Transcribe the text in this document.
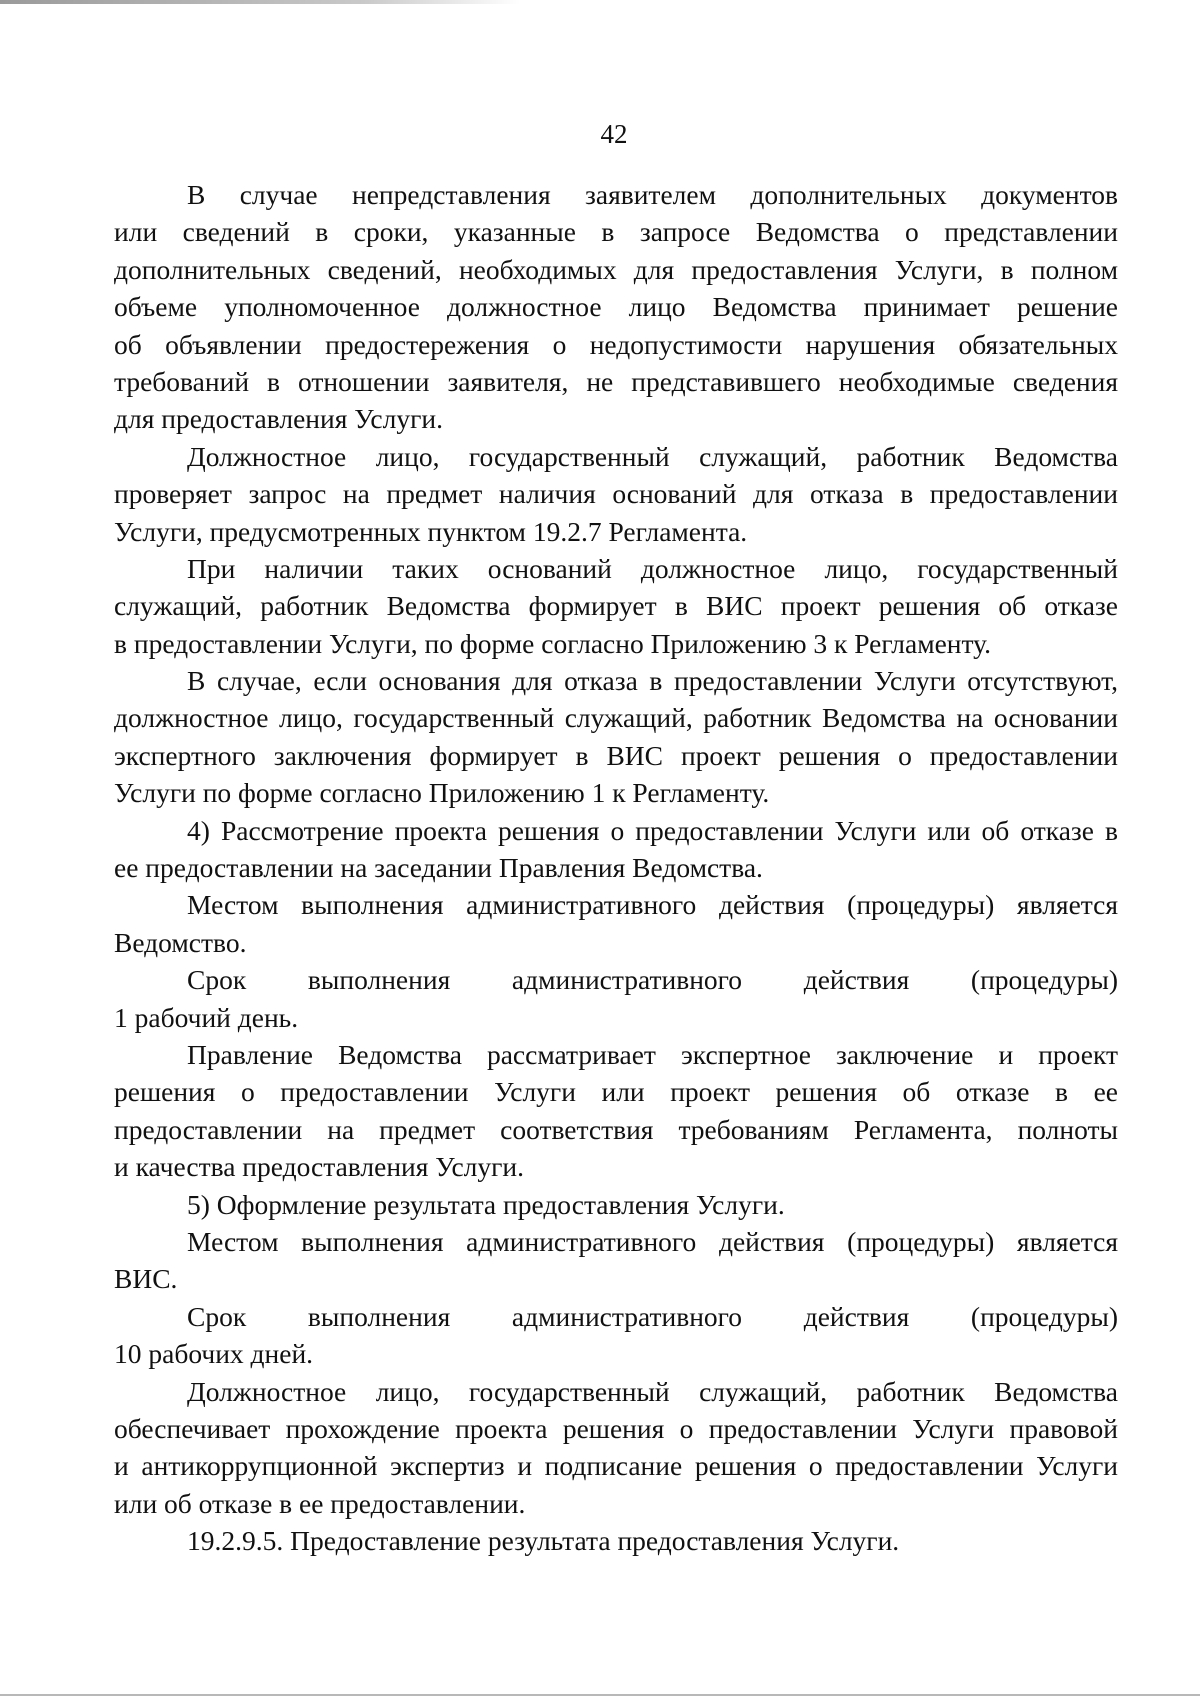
42
В случае непредставления заявителем дополнительных документов
или сведений в сроки, указанные в запросе Ведомства о представлении
дополнительных сведений, необходимых для предоставления Услуги, в полном
объеме уполномоченное должностное лицо Ведомства принимает решение
об объявлении предостережения о недопустимости нарушения обязательных
требований в отношении заявителя, не представившего необходимые сведения
для предоставления Услуги.
Должностное лицо, государственный служащий, работник Ведомства
проверяет запрос на предмет наличия оснований для отказа в предоставлении
Услуги, предусмотренных пунктом 19.2.7 Регламента.
При наличии таких оснований должностное лицо, государственный
служащий, работник Ведомства формирует в ВИС проект решения об отказе
в предоставлении Услуги, по форме согласно Приложению 3 к Регламенту.
В случае, если основания для отказа в предоставлении Услуги отсутствуют,
должностное лицо, государственный служащий, работник Ведомства на основании
экспертного заключения формирует в ВИС проект решения о предоставлении
Услуги по форме согласно Приложению 1 к Регламенту.
4) Рассмотрение проекта решения о предоставлении Услуги или об отказе в
ее предоставлении на заседании Правления Ведомства.
Местом выполнения административного действия (процедуры) является
Ведомство.
Срок выполнения административного действия (процедуры)
1 рабочий день.
Правление Ведомства рассматривает экспертное заключение и проект
решения о предоставлении Услуги или проект решения об отказе в ее
предоставлении на предмет соответствия требованиям Регламента, полноты
и качества предоставления Услуги.
5) Оформление результата предоставления Услуги.
Местом выполнения административного действия (процедуры) является
ВИС.
Срок выполнения административного действия (процедуры)
10 рабочих дней.
Должностное лицо, государственный служащий, работник Ведомства
обеспечивает прохождение проекта решения о предоставлении Услуги правовой
и антикоррупционной экспертиз и подписание решения о предоставлении Услуги
или об отказе в ее предоставлении.
19.2.9.5. Предоставление результата предоставления Услуги.
